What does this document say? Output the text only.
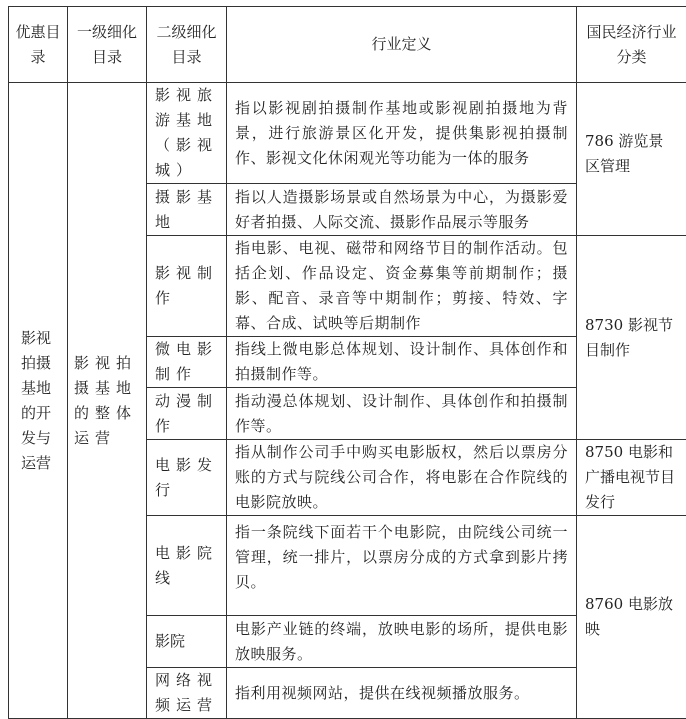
优惠目录	一级细化目录	二级细化目录	行业定义	国民经济行业分类
影视拍摄基地的开发与运营	影视拍摄基地的整体运营	影视旅游基地（影视城）	指以影视剧拍摄制作基地或影视剧拍摄地为背景，进行旅游景区化开发，提供集影视拍摄制作、影视文化休闲观光等功能为一体的服务	786 游览景区管理
		摄影基地	指以人造摄影场景或自然场景为中心，为摄影爱好者拍摄、人际交流、摄影作品展示等服务	
		影视制作	指电影、电视、磁带和网络节目的制作活动。包括企划、作品设定、资金募集等前期制作；摄影、配音、录音等中期制作；剪接、特效、字幕、合成、试映等后期制作	8730 影视节目制作
		微电影制作	指线上微电影总体规划、设计制作、具体创作和拍摄制作等。	
		动漫制作	指动漫总体规划、设计制作、具体创作和拍摄制作等。	
		电影发行	指从制作公司手中购买电影版权，然后以票房分账的方式与院线公司合作，将电影在合作院线的电影院放映。	8750 电影和广播电视节目发行
		电影院线	指一条院线下面若干个电影院，由院线公司统一管理，统一排片，以票房分成的方式拿到影片拷贝。	8760 电影放映
		影院	电影产业链的终端，放映电影的场所，提供电影放映服务。	
		网络视频运营	指利用视频网站，提供在线视频播放服务。	
